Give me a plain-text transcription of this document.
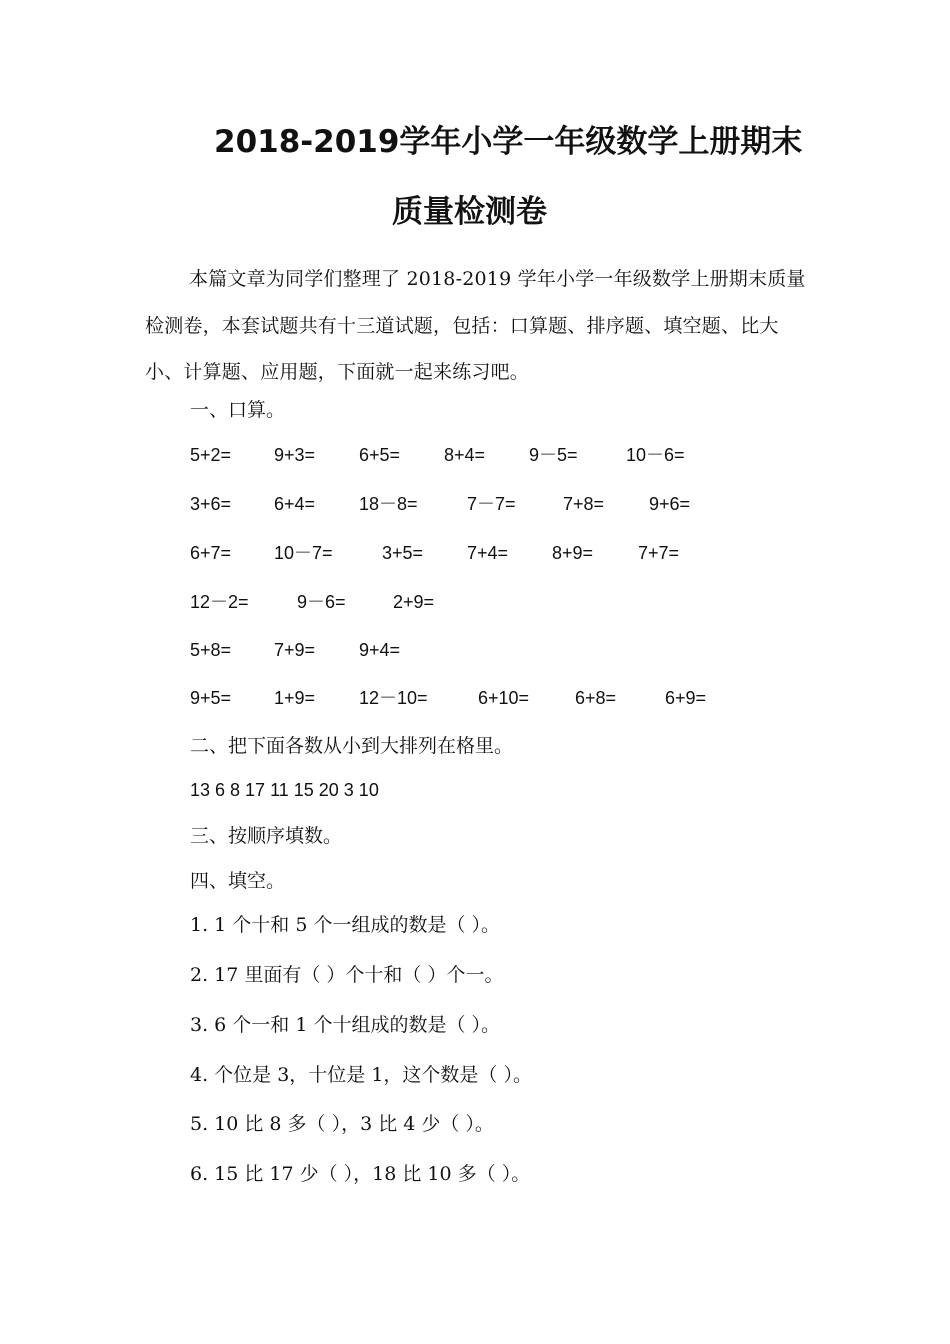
2018-2019学年小学一年级数学上册期末
质量检测卷
本篇文章为同学们整理了 2018-2019 学年小学一年级数学上册期末质量检测卷，本套试题共有十三道试题，包括：口算题、排序题、填空题、比大小、计算题、应用题，下面就一起来练习吧。
一、口算。
5+2= 9+3= 6+5= 8+4= 9－5=	10－6=
3+6= 6+4= 18－8=	7－7=	7+8= 9+6=
6+7= 10－7=	3+5= 7+4= 8+9= 7+7=
12－2=	9－6=	2+9=
5+8= 7+9= 9+4=
9+5= 1+9= 12－10=	6+10=	6+8=	6+9=
二、把下面各数从小到大排列在格里。
13 6 8 17 11 15 20 3 10
三、按顺序填数。
四、填空。
1. 1 个十和 5 个一组成的数是（ ）。
2. 17 里面有（ ）个十和（ ）个一。
3. 6 个一和 1 个十组成的数是（ ）。
4. 个位是 3，十位是 1，这个数是（ ）。
5. 10 比 8 多（ ），3 比 4 少（ ）。
6. 15 比 17 少（ ），18 比 10 多（ ）。
